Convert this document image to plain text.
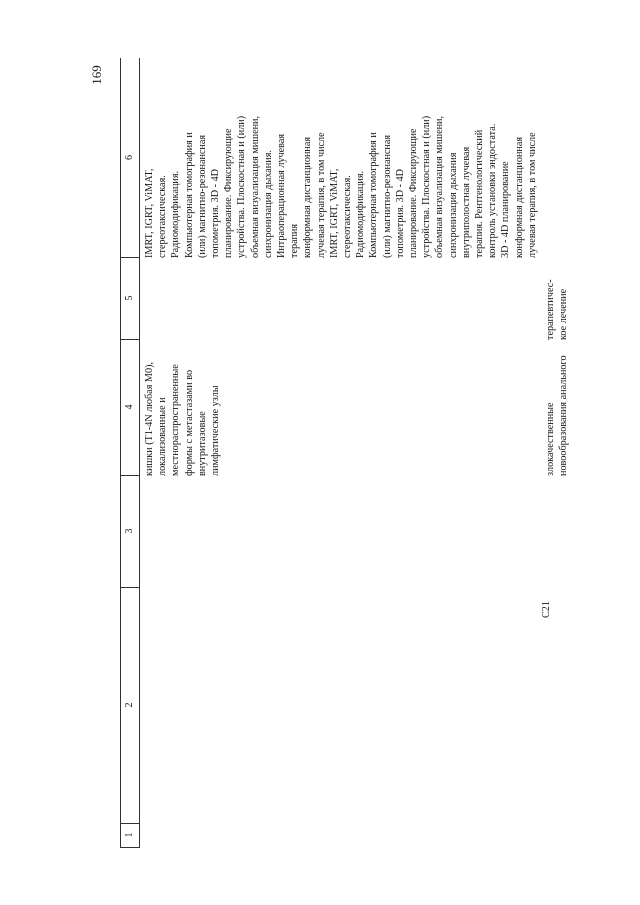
169
1
2
3
4
5
6
кишки (T1-4N любая M0),
локализованные и
местнораспространенные
формы с метастазами во
внутритазовые
лимфатические узлы
IMRT, IGRT, ViMAT,
стереотаксическая.
Радиомодификация.
Компьютерная томография и
(или) магнитно-резонансная
топометрия. 3D - 4D
планирование. Фиксирующие
устройства. Плоскостная и (или)
объемная визуализация мишени,
синхронизация дыхания.
Интраоперационная лучевая
терапия
конформная дистанционная
лучевая терапия, в том числе
IMRT, IGRT, ViMAT,
стереотаксическая.
Радиомодификация.
Компьютерная томография и
(или) магнитно-резонансная
топометрия. 3D - 4D
планирование. Фиксирующие
устройства. Плоскостная и (или)
объемная визуализация мишени,
синхронизация дыхания
внутриполостная лучевая
терапия. Рентгенологический
контроль установки эндостата.
3D - 4D планирование
конформная дистанционная
лучевая терапия, в том числе
C21
злокачественные
новообразования анального
терапевтичес-
кое лечение
